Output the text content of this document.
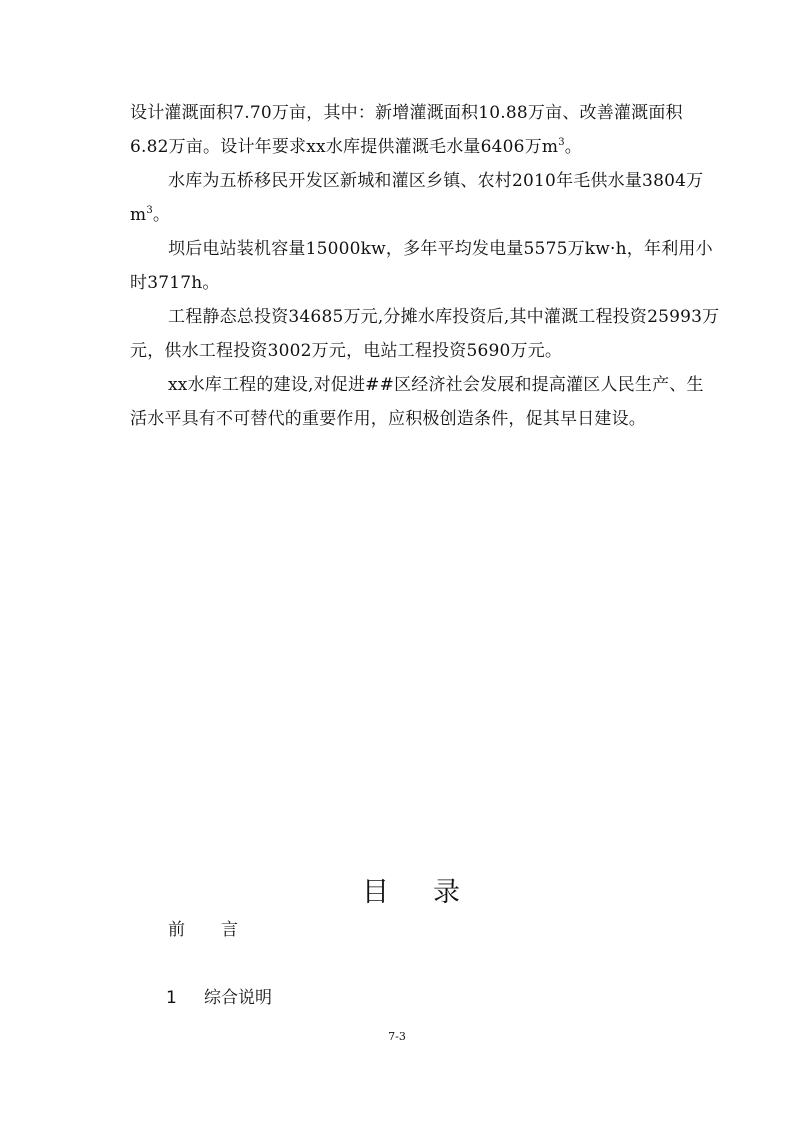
设计灌溉面积7.70万亩，其中：新增灌溉面积10.88万亩、改善灌溉面积6.82万亩。设计年要求xx水库提供灌溉毛水量6406万$m^3$。

水库为五桥移民开发区新城和灌区乡镇、农村2010年毛供水量3804万$m^3$。

坝后电站装机容量15000kw，多年平均发电量5575万kw·h，年利用小时3717h。

工程静态总投资34685万元,分摊水库投资后,其中灌溉工程投资25993万元，供水工程投资3002万元，电站工程投资5690万元。

xx水库工程的建设,对促进##区经济社会发展和提高灌区人民生产、生活水平具有不可替代的重要作用，应积极创造条件，促其早日建设。

目录
前言
1 综合说明
7-3
